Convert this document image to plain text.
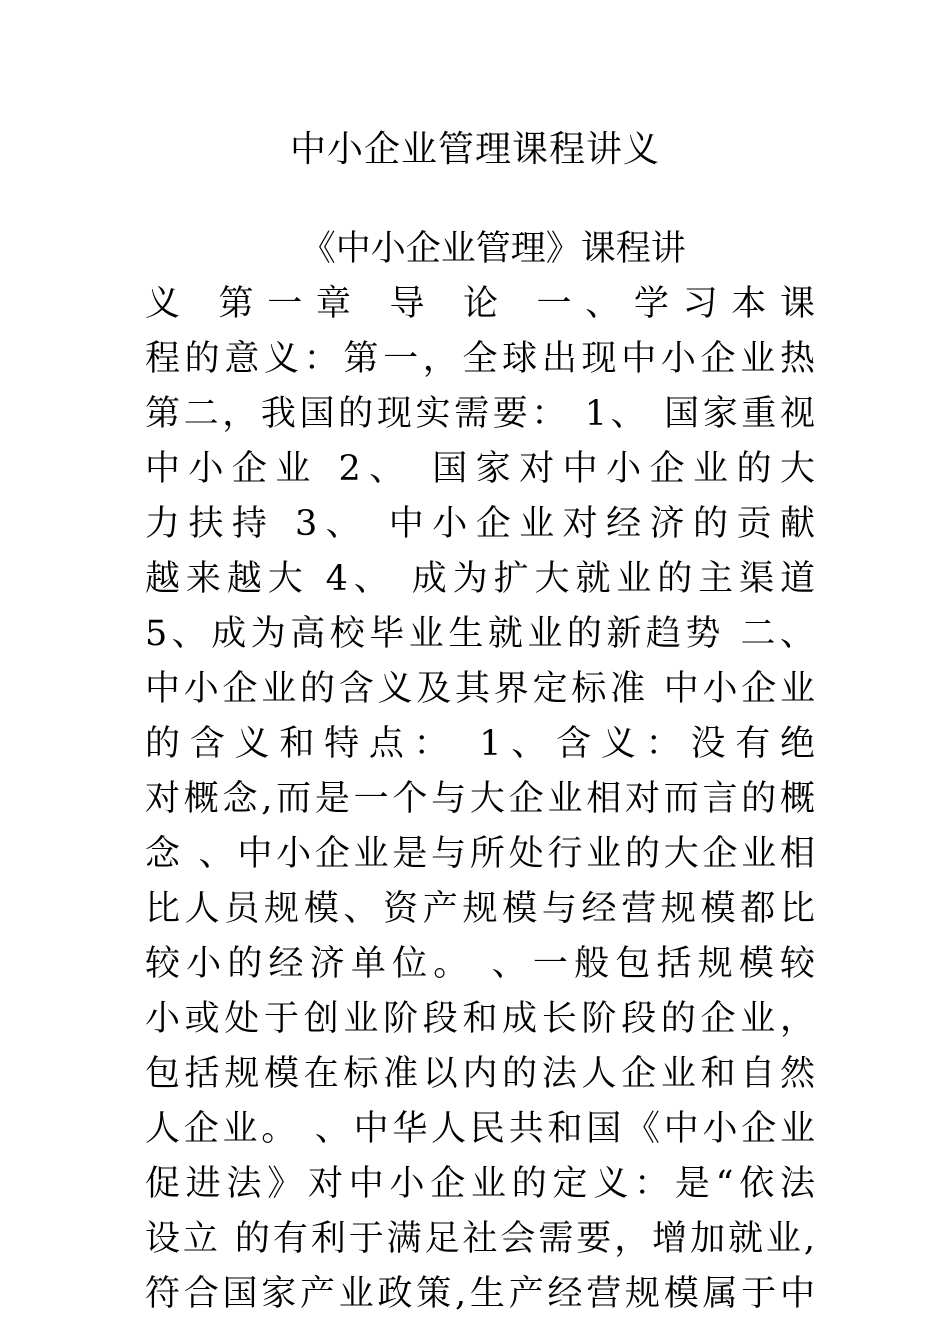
中小企业管理课程讲义
《中小企业管理》课程讲
义 第一章 导 论 一、学习本课
程的意义：第一，全球出现中小企业热
第二，我国的现实需要： 1、 国家重视
中小企业 2、 国家对中小企业的大
力扶持 3、 中小企业对经济的贡献
越来越大 4、 成为扩大就业的主渠道
5、成为高校毕业生就业的新趋势 二、
中小企业的含义及其界定标准 中小企业
的含义和特点： 1、含义：没有绝
对概念,而是一个与大企业相对而言的概
念 、中小企业是与所处行业的大企业相
比人员规模、资产规模与经营规模都比
较小的经济单位。 、一般包括规模较
小或处于创业阶段和成长阶段的企业，
包括规模在标准以内的法人企业和自然
人企业。 、中华人民共和国《中小企业
促进法》对中小企业的定义：是“依法
设立 的有利于满足社会需要，增加就业,
符合国家产业政策,生产经营规模属于中
